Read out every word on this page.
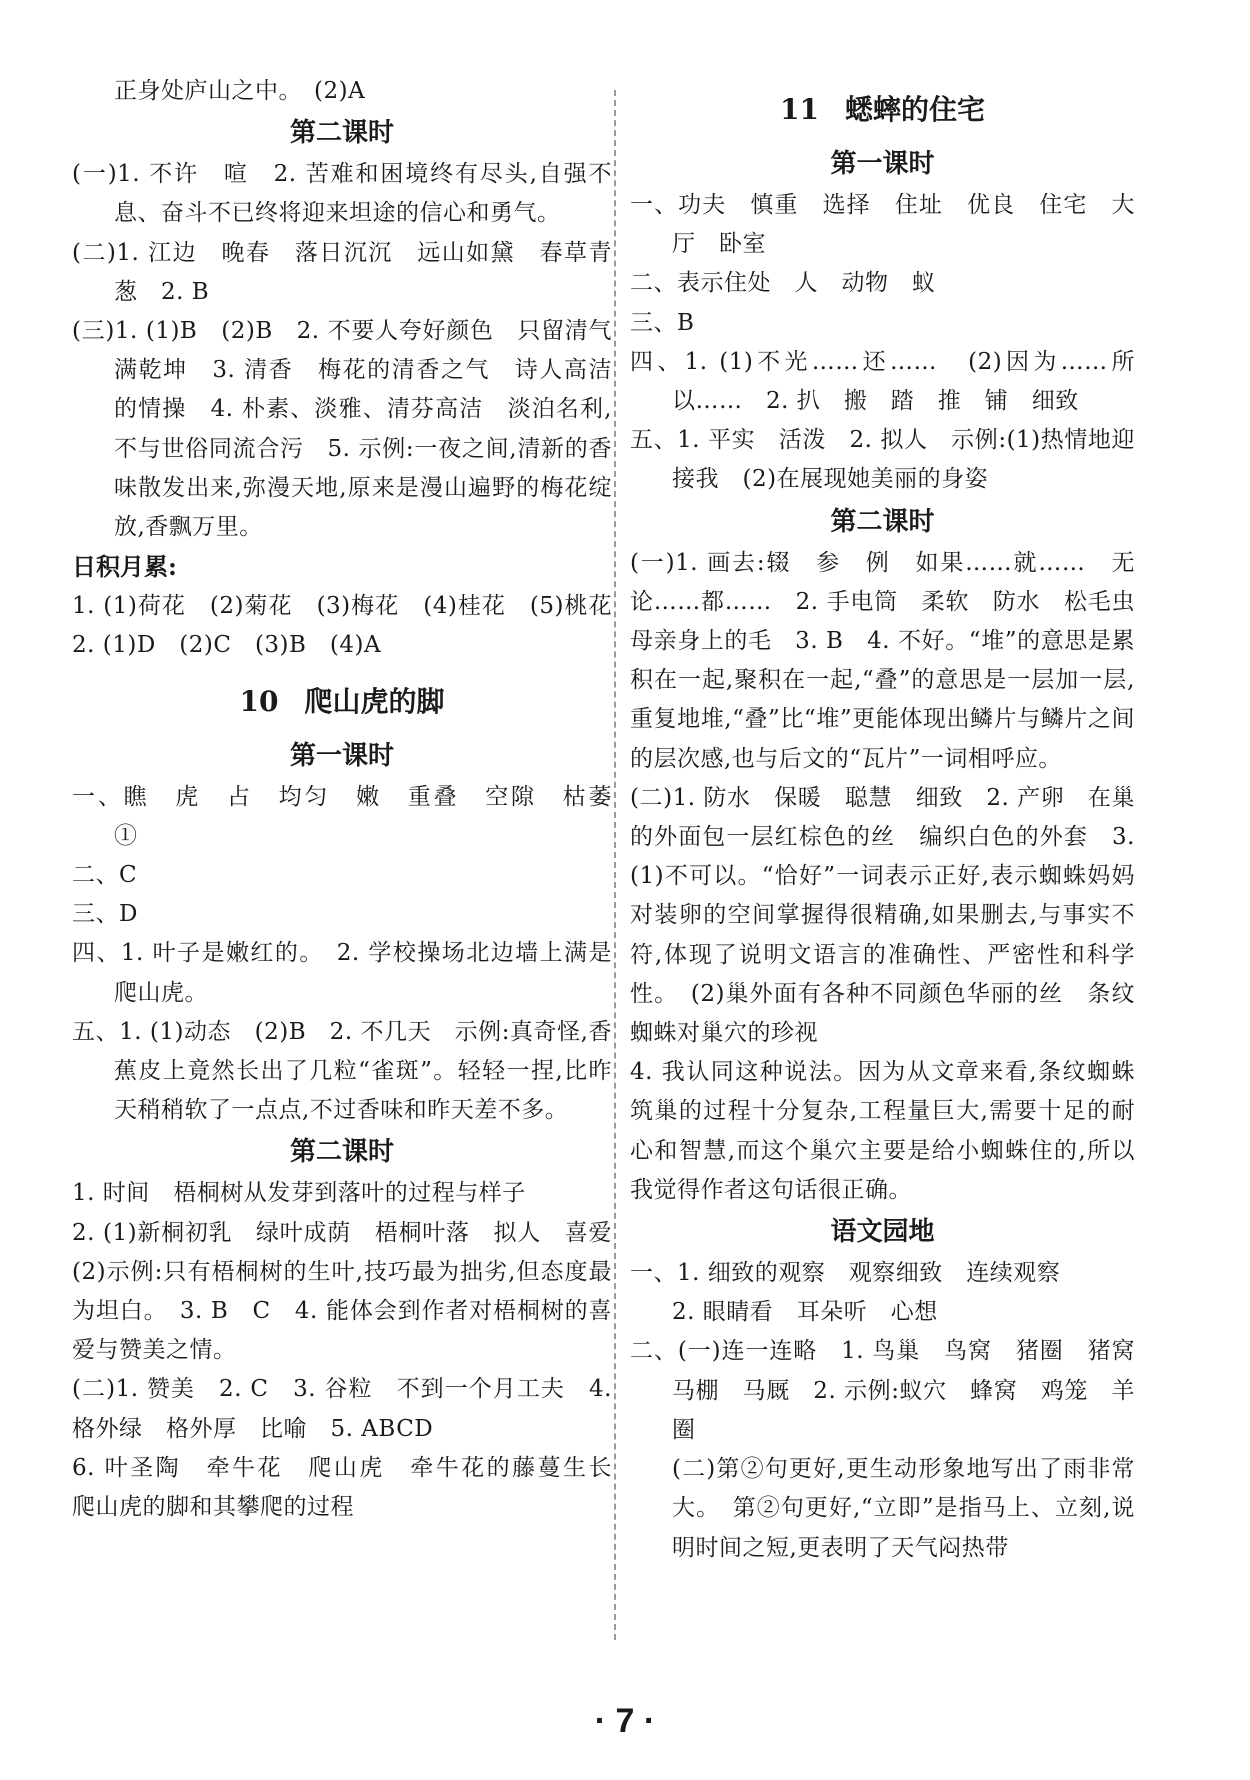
正身处庐山之中。　(2)A

第二课时

(一)1. 不许　喧　2. 苦难和困境终有尽头,自强不息、奋斗不已终将迎来坦途的信心和勇气。

(二)1. 江边　晚春　落日沉沉　远山如黛　春草青葱　2. B

(三)1. (1)B　(2)B　2. 不要人夸好颜色　只留清气满乾坤　3. 清香　梅花的清香之气　诗人高洁的情操　4. 朴素、淡雅、清芬高洁　淡泊名利,不与世俗同流合污　5. 示例:一夜之间,清新的香味散发出来,弥漫天地,原来是漫山遍野的梅花绽放,香飘万里。

日积月累:

1. (1)荷花　(2)菊花　(3)梅花　(4)桂花　(5)桃花　2. (1)D　(2)C　(3)B　(4)A

10 爬山虎的脚
第一课时

一、瞧　虎　占　均匀　嫩　重叠　空隙　枯萎　①

二、C

三、D

四、1. 叶子是嫩红的。　2. 学校操场北边墙上满是爬山虎。

五、1. (1)动态　(2)B　2. 不几天　示例:真奇怪,香蕉皮上竟然长出了几粒“雀斑”。轻轻一捏,比昨天稍稍软了一点点,不过香味和昨天差不多。

第二课时

1. 时间　梧桐树从发芽到落叶的过程与样子

2. (1)新桐初乳　绿叶成荫　梧桐叶落　拟人　喜爱　(2)示例:只有梧桐树的生叶,技巧最为拙劣,但态度最为坦白。　3. B　C　4. 能体会到作者对梧桐树的喜爱与赞美之情。

(二)1. 赞美　2. C　3. 谷粒　不到一个月工夫　4. 格外绿　格外厚　比喻　5. ABCD

6. 叶圣陶　牵牛花　爬山虎　牵牛花的藤蔓生长　爬山虎的脚和其攀爬的过程

11 蟋蟀的住宅
第一课时

一、功夫　慎重　选择　住址　优良　住宅　大厅　卧室

二、表示住处　人　动物　蚁

三、B

四、1. (1)不光……还……　(2)因为……所以……　2. 扒　搬　踏　推　铺　细致

五、1. 平实　活泼　2. 拟人　示例:(1)热情地迎接我　(2)在展现她美丽的身姿

第二课时

(一)1. 画去:辍　参　例　如果……就……　无论……都……　2. 手电筒　柔软　防水　松毛虫母亲身上的毛　3. B　4. 不好。“堆”的意思是累积在一起,聚积在一起,“叠”的意思是一层加一层,重复地堆,“叠”比“堆”更能体现出鳞片与鳞片之间的层次感,也与后文的“瓦片”一词相呼应。

(二)1. 防水　保暖　聪慧　细致　2. 产卵　在巢的外面包一层红棕色的丝　编织白色的外套　3. (1)不可以。“恰好”一词表示正好,表示蜘蛛妈妈对装卵的空间掌握得很精确,如果删去,与事实不符,体现了说明文语言的准确性、严密性和科学性。　(2)巢外面有各种不同颜色华丽的丝　条纹蜘蛛对巢穴的珍视

4. 我认同这种说法。因为从文章来看,条纹蜘蛛筑巢的过程十分复杂,工程量巨大,需要十足的耐心和智慧,而这个巢穴主要是给小蜘蛛住的,所以我觉得作者这句话很正确。

语文园地

一、1. 细致的观察　观察细致　连续观察

2. 眼睛看　耳朵听　心想

二、(一)连一连略　1. 鸟巢　鸟窝　猪圈　猪窝　马棚　马厩　2. 示例:蚁穴　蜂窝　鸡笼　羊圈

(二)第②句更好,更生动形象地写出了雨非常大。　第②句更好,“立即”是指马上、立刻,说明时间之短,更表明了天气闷热带

· 7 ·
